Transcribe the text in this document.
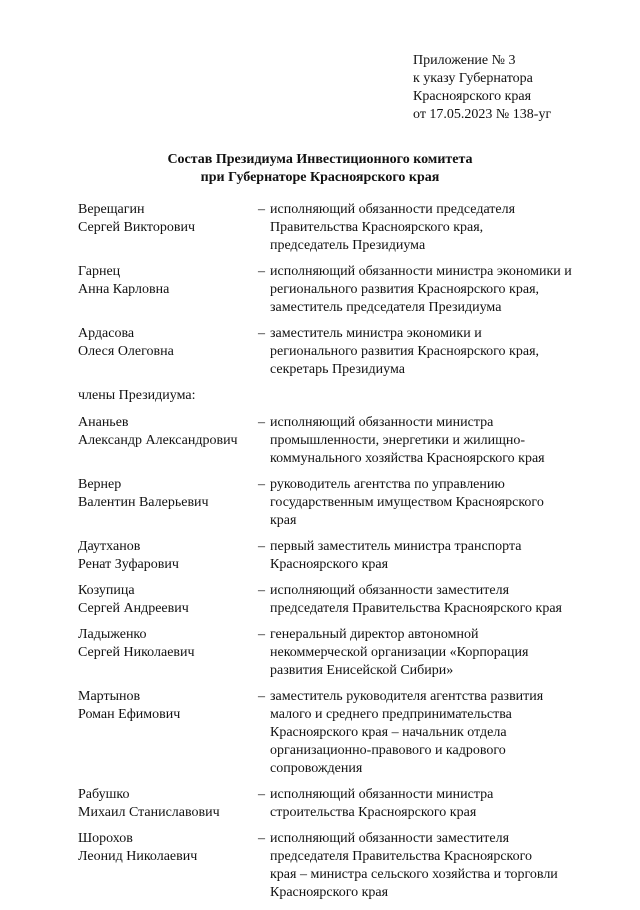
Приложение № 3
к указу Губернатора
Красноярского края
от 17.05.2023 № 138-уг
Состав Президиума Инвестиционного комитета
при Губернаторе Красноярского края
Верещагин
Сергей Викторович
– исполняющий обязанности председателя
Правительства Красноярского края,
председатель Президиума
Гарнец
Анна Карловна
– исполняющий обязанности министра экономики и
регионального развития Красноярского края,
заместитель председателя Президиума
Ардасова
Олеся Олеговна
– заместитель министра экономики и
регионального развития Красноярского края,
секретарь Президиума
члены Президиума:
Ананьев
Александр Александрович
– исполняющий обязанности министра
промышленности, энергетики и жилищно-
коммунального хозяйства Красноярского края
Вернер
Валентин Валерьевич
– руководитель агентства по управлению
государственным имуществом Красноярского
края
Даутханов
Ренат Зуфарович
– первый заместитель министра транспорта
Красноярского края
Козупица
Сергей Андреевич
– исполняющий обязанности заместителя
председателя Правительства Красноярского края
Ладыженко
Сергей Николаевич
– генеральный директор автономной
некоммерческой организации «Корпорация
развития Енисейской Сибири»
Мартынов
Роман Ефимович
– заместитель руководителя агентства развития
малого и среднего предпринимательства
Красноярского края – начальник отдела
организационно-правового и кадрового
сопровождения
Рабушко
Михаил Станиславович
– исполняющий обязанности министра
строительства Красноярского края
Шорохов
Леонид Николаевич
– исполняющий обязанности заместителя
председателя Правительства Красноярского
края – министра сельского хозяйства и торговли
Красноярского края
